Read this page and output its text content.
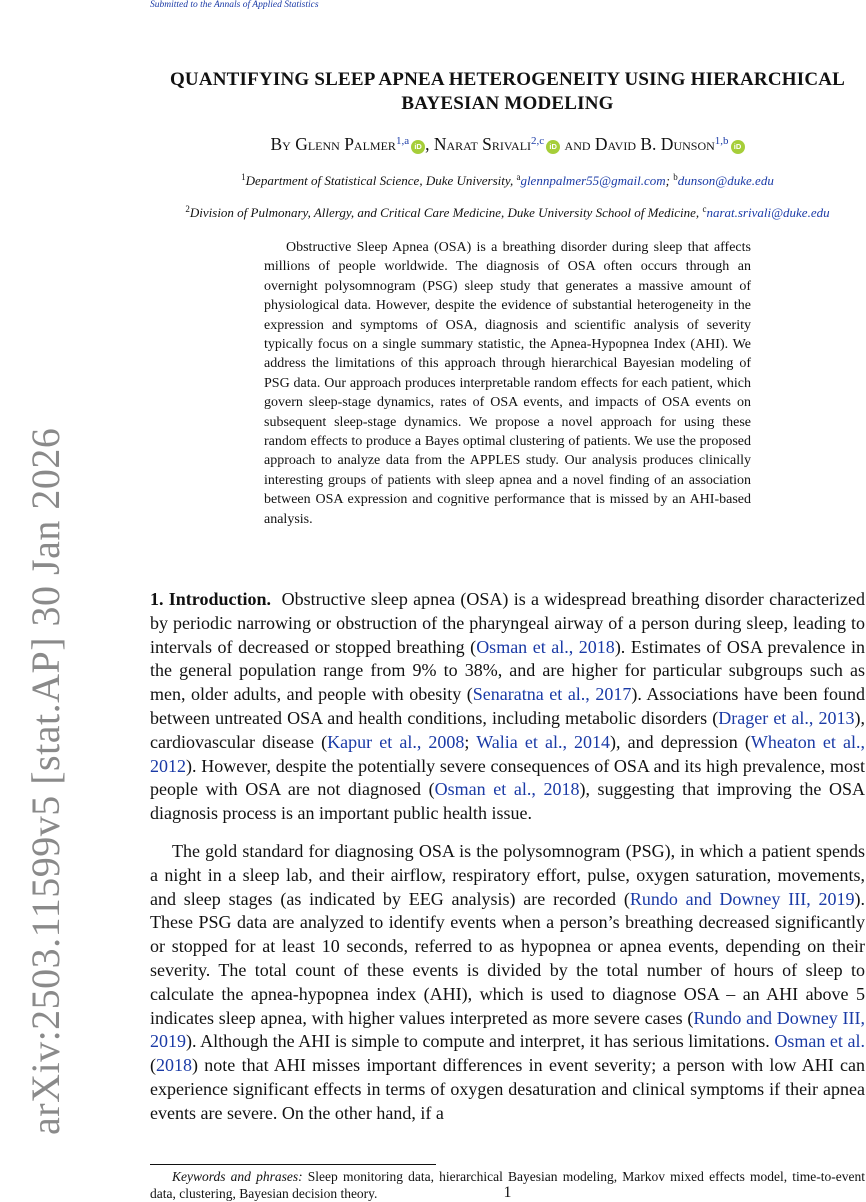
Submitted to the Annals of Applied Statistics
arXiv:2503.11599v5 [stat.AP] 30 Jan 2026
QUANTIFYING SLEEP APNEA HETEROGENEITY USING HIERARCHICAL BAYESIAN MODELING
By Glenn Palmer$^{1,a}$ iD , Narat Srivali$^{2,c}$ iD and David B. Dunson$^{1,b}$ iD
$^1$Department of Statistical Science, Duke University, $^a$glennpalmer55@gmail.com; $^b$dunson@duke.edu
$^2$Division of Pulmonary, Allergy, and Critical Care Medicine, Duke University School of Medicine, $^c$narat.srivali@duke.edu
Obstructive Sleep Apnea (OSA) is a breathing disorder during sleep that affects millions of people worldwide. The diagnosis of OSA often occurs through an overnight polysomnogram (PSG) sleep study that generates a massive amount of physiological data. However, despite the evidence of substantial heterogeneity in the expression and symptoms of OSA, diagnosis and scientific analysis of severity typically focus on a single summary statistic, the Apnea-Hypopnea Index (AHI). We address the limitations of this approach through hierarchical Bayesian modeling of PSG data. Our approach produces interpretable random effects for each patient, which govern sleep-stage dynamics, rates of OSA events, and impacts of OSA events on subsequent sleep-stage dynamics. We propose a novel approach for using these random effects to produce a Bayes optimal clustering of patients. We use the proposed approach to analyze data from the APPLES study. Our analysis produces clinically interesting groups of patients with sleep apnea and a novel finding of an association between OSA expression and cognitive performance that is missed by an AHI-based analysis.
1. Introduction. Obstructive sleep apnea (OSA) is a widespread breathing disorder characterized by periodic narrowing or obstruction of the pharyngeal airway of a person during sleep, leading to intervals of decreased or stopped breathing (Osman et al., 2018). Estimates of OSA prevalence in the general population range from 9% to 38%, and are higher for particular subgroups such as men, older adults, and people with obesity (Senaratna et al., 2017). Associations have been found between untreated OSA and health conditions, including metabolic disorders (Drager et al., 2013), cardiovascular disease (Kapur et al., 2008; Walia et al., 2014), and depression (Wheaton et al., 2012). However, despite the potentially severe consequences of OSA and its high prevalence, most people with OSA are not diagnosed (Osman et al., 2018), suggesting that improving the OSA diagnosis process is an important public health issue.
The gold standard for diagnosing OSA is the polysomnogram (PSG), in which a patient spends a night in a sleep lab, and their airflow, respiratory effort, pulse, oxygen saturation, movements, and sleep stages (as indicated by EEG analysis) are recorded (Rundo and Downey III, 2019). These PSG data are analyzed to identify events when a person’s breathing decreased significantly or stopped for at least 10 seconds, referred to as hypopnea or apnea events, depending on their severity. The total count of these events is divided by the total number of hours of sleep to calculate the apnea-hypopnea index (AHI), which is used to diagnose OSA – an AHI above 5 indicates sleep apnea, with higher values interpreted as more severe cases (Rundo and Downey III, 2019). Although the AHI is simple to compute and interpret, it has serious limitations. Osman et al. (2018) note that AHI misses important differences in event severity; a person with low AHI can experience significant effects in terms of oxygen desaturation and clinical symptoms if their apnea events are severe. On the other hand, if a
Keywords and phrases: Sleep monitoring data, hierarchical Bayesian modeling, Markov mixed effects model, time-to-event data, clustering, Bayesian decision theory.	1
